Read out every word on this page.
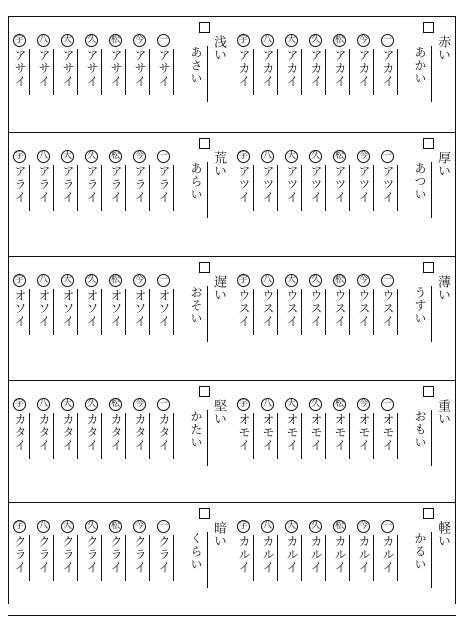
赤い
あかい
一
アカイ
今
アカイ
松
アカイ
久
アカイ
大
アカイ
八
アカイ
宇
アカイ
浅い
あさい
一
アサイ
今
アサイ
松
アサイ
久
アサイ
大
アサイ
八
アサイ
宇
アサイ
厚い
あつい
一
アツイ
今
アツイ
松
アツイ
久
アツイ
大
アツイ
八
アツイ
宇
アツイ
荒い
あらい
一
アライ
今
アライ
松
アライ
久
アライ
大
アライ
八
アライ
宇
アライ
薄い
うすい
一
ウスイ
今
ウスイ
松
ウスイ
久
ウスイ
大
ウスイ
八
ウスイ
宇
ウスイ
遅い
おそい
一
オソイ
今
オソイ
松
オソイ
久
オソイ
大
オソイ
八
オソイ
宇
オソイ
重い
おもい
一
オモイ
今
オモイ
松
オモイ
久
オモイ
大
オモイ
八
オモイ
宇
オモイ
堅い
かたい
一
カタイ
今
カタイ
松
カタイ
久
カタイ
大
カタイ
八
カタイ
宇
カタイ
軽い
かるい
一
カルイ
今
カルイ
松
カルイ
久
カルイ
大
カルイ
八
カルイ
宇
カルイ
暗い
くらい
一
クライ
今
クライ
松
クライ
久
クライ
大
クライ
八
クライ
宇
クライ
